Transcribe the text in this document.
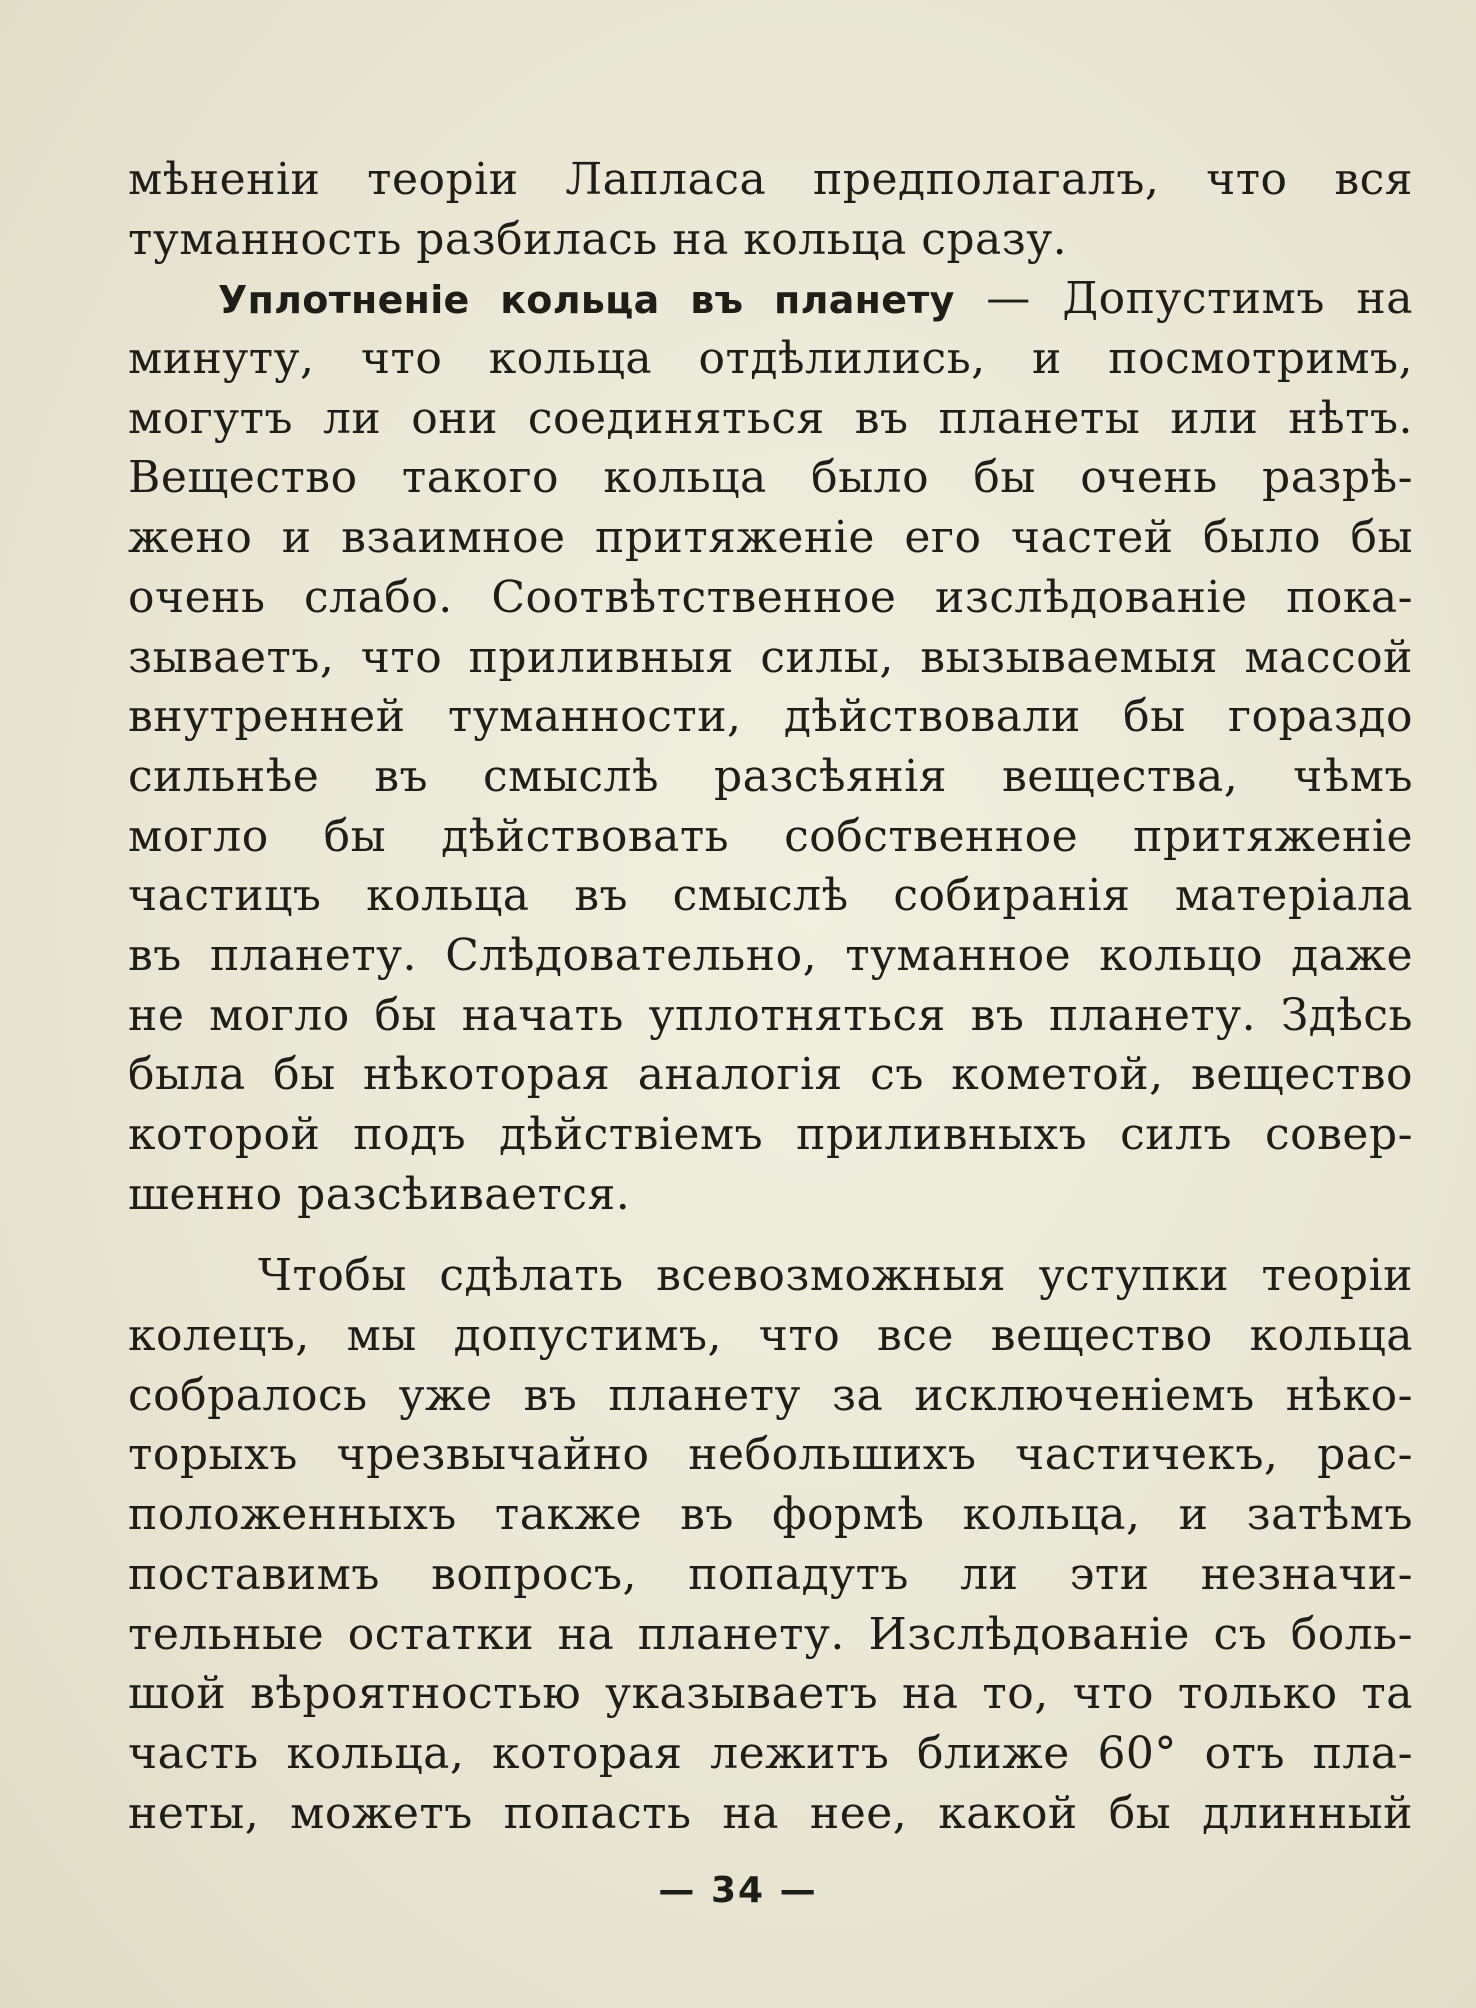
мѣненіи теоріи Лапласа предполагалъ, что вся
туманность разбилась на кольца сразу.
Уплотненіе кольца въ планету — Допустимъ на
минуту, что кольца отдѣлились, и посмотримъ,
могутъ ли они соединяться въ планеты или нѣтъ.
Вещество такого кольца было бы очень разрѣ-
жено и взаимное притяженіе его частей было бы
очень слабо. Соотвѣтственное изслѣдованіе пока-
зываетъ, что приливныя силы, вызываемыя массой
внутренней туманности, дѣйствовали бы гораздо
сильнѣе въ смыслѣ разсѣянія вещества, чѣмъ
могло бы дѣйствовать собственное притяженіе
частицъ кольца въ смыслѣ собиранія матеріала
въ планету. Слѣдовательно, туманное кольцо даже
не могло бы начать уплотняться въ планету. Здѣсь
была бы нѣкоторая аналогія съ кометой, вещество
которой подъ дѣйствіемъ приливныхъ силъ совер-
шенно разсѣивается.
Чтобы сдѣлать всевозможныя уступки теоріи
колецъ, мы допустимъ, что все вещество кольца
собралось уже въ планету за исключеніемъ нѣко-
торыхъ чрезвычайно небольшихъ частичекъ, рас-
положенныхъ также въ формѣ кольца, и затѣмъ
поставимъ вопросъ, попадутъ ли эти незначи-
тельные остатки на планету. Изслѣдованіе съ боль-
шой вѣроятностью указываетъ на то, что только та
часть кольца, которая лежитъ ближе 60° отъ пла-
неты, можетъ попасть на нее, какой бы длинный
— 34 —
